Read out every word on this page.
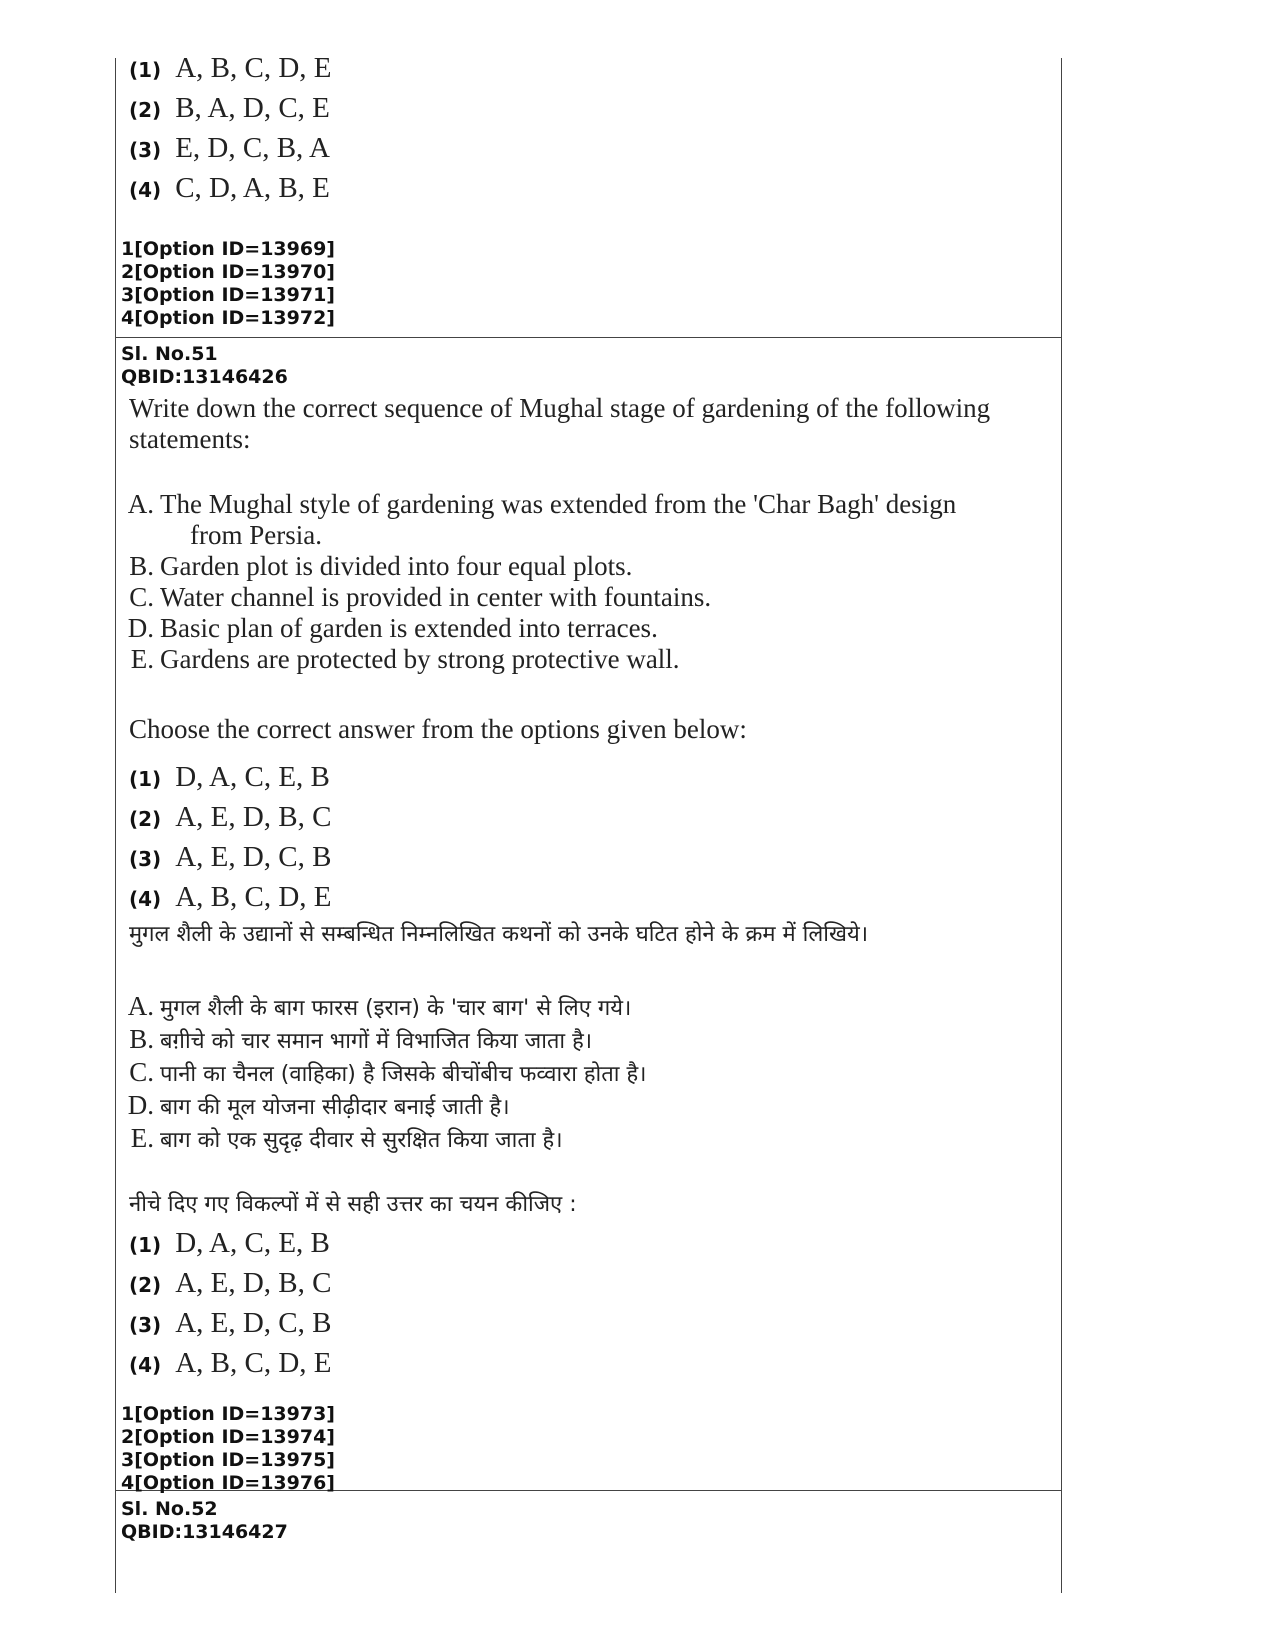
(1) A, B, C, D, E
(2) B, A, D, C, E
(3) E, D, C, B, A
(4) C, D, A, B, E
1[Option ID=13969]
2[Option ID=13970]
3[Option ID=13971]
4[Option ID=13972]
Sl. No.51
QBID:13146426
Write down the correct sequence of Mughal stage of gardening of the following
statements:
A. The Mughal style of gardening was extended from the 'Char Bagh' design
from Persia.
B. Garden plot is divided into four equal plots.
C. Water channel is provided in center with fountains.
D. Basic plan of garden is extended into terraces.
E. Gardens are protected by strong protective wall.
Choose the correct answer from the options given below:
(1) D, A, C, E, B
(2) A, E, D, B, C
(3) A, E, D, C, B
(4) A, B, C, D, E
मुगल शैली के उद्यानों से सम्बन्धित निम्नलिखित कथनों को उनके घटित होने के क्रम में लिखिये।
A. मुगल शैली के बाग फारस (इरान) के 'चार बाग' से लिए गये।
B. बग़ीचे को चार समान भागों में विभाजित किया जाता है।
C. पानी का चैनल (वाहिका) है जिसके बीचोंबीच फव्वारा होता है।
D. बाग की मूल योजना सीढ़ीदार बनाई जाती है।
E. बाग को एक सुदृढ़ दीवार से सुरक्षित किया जाता है।
नीचे दिए गए विकल्पों में से सही उत्तर का चयन कीजिए :
(1) D, A, C, E, B
(2) A, E, D, B, C
(3) A, E, D, C, B
(4) A, B, C, D, E
1[Option ID=13973]
2[Option ID=13974]
3[Option ID=13975]
4[Option ID=13976]
Sl. No.52
QBID:13146427
